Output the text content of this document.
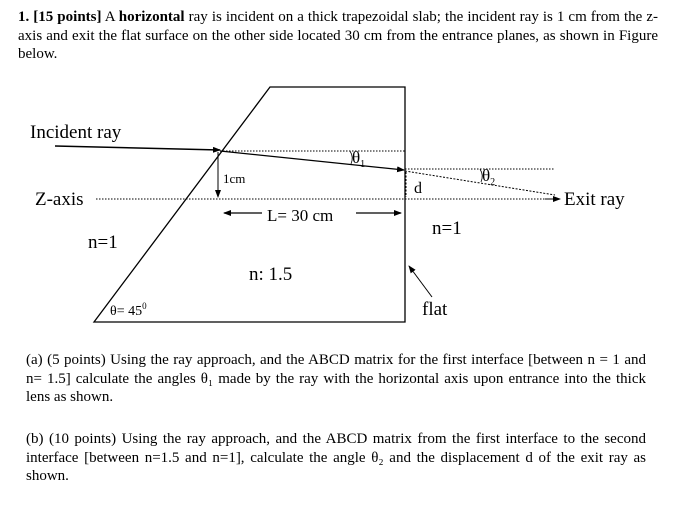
1. [15 points] A horizontal ray is incident on a thick trapezoidal slab; the incident ray is 1 cm from the z-axis and exit the flat surface on the other side located 30 cm from the entrance planes, as shown in Figure below.

Incident ray
Z-axis	Exit ray
n=1
n=1
n: 1.5
1cm
L= 30 cm
d
flat
$\theta_1$
$\theta_2$
$\theta= 45^0$

(a) (5 points) Using the ray approach, and the ABCD matrix for the first interface [between n = 1 and n= 1.5] calculate the angles θ₁ made by the ray with the horizontal axis upon entrance into the thick lens as shown.

(b) (10 points) Using the ray approach, and the ABCD matrix from the first interface to the second interface [between n=1.5 and n=1], calculate the angle θ₂ and the displacement d of the exit ray as shown.
